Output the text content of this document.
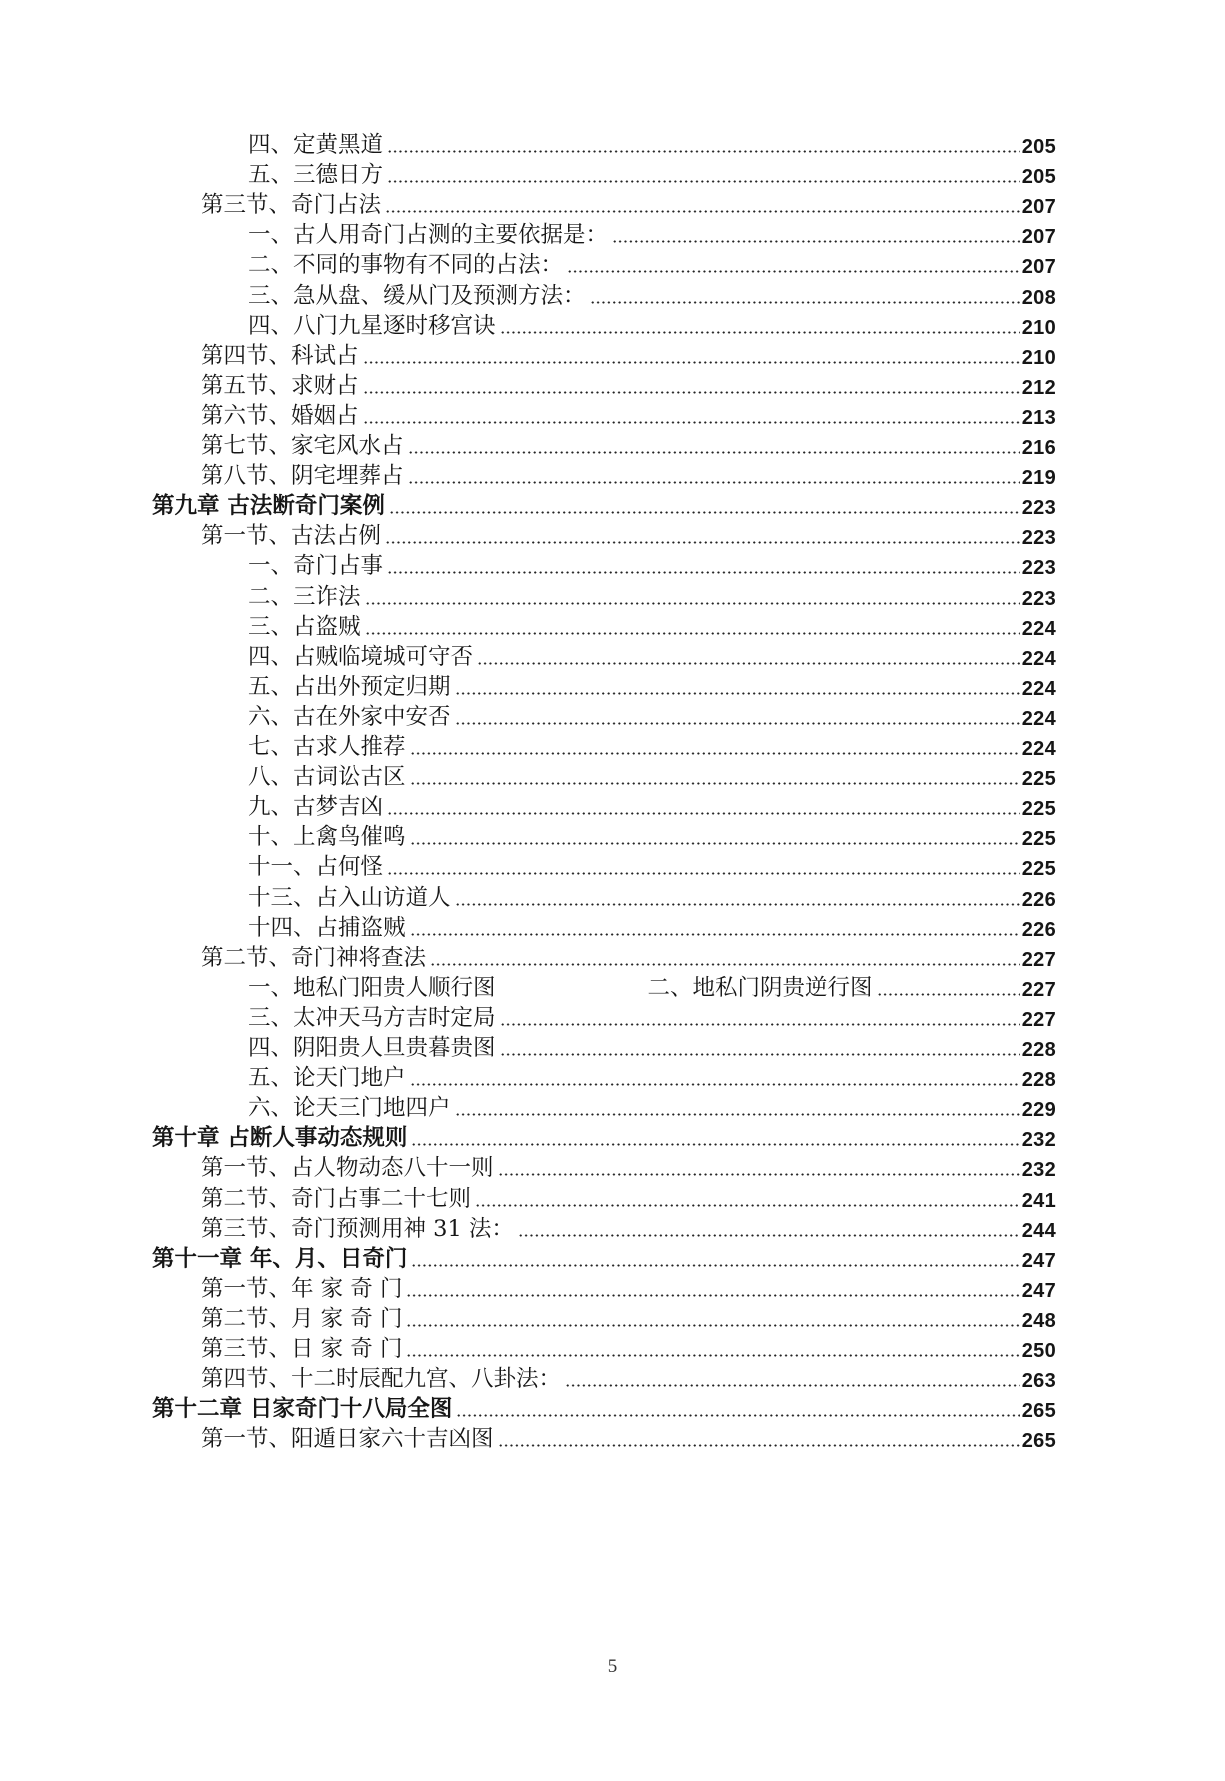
四、定黄黑道	205
五、三德日方	205
第三节、奇门占法	207
一、古人用奇门占测的主要依据是：	207
二、不同的事物有不同的占法：	207
三、急从盘、缓从门及预测方法：	208
四、八门九星逐时移宫诀	210
第四节、科试占	210
第五节、求财占	212
第六节、婚姻占	213
第七节、家宅风水占	216
第八节、阴宅埋葬占	219
第九章 古法断奇门案例	223
第一节、古法占例	223
一、奇门占事	223
二、三诈法	223
三、占盗贼	224
四、占贼临境城可守否	224
五、占出外预定归期	224
六、古在外家中安否	224
七、古求人推荐	224
八、古词讼古区	225
九、古梦吉凶	225
十、上禽鸟催鸣	225
十一、占何怪	225
十三、占入山访道人	226
十四、占捕盗贼	226
第二节、奇门神将查法	227
一、地私门阳贵人顺行图	二、地私门阴贵逆行图	227
三、太冲天马方吉时定局	227
四、阴阳贵人旦贵暮贵图	228
五、论天门地户	228
六、论天三门地四户	229
第十章 占断人事动态规则	232
第一节、占人物动态八十一则	232
第二节、奇门占事二十七则	241
第三节、奇门预测用神 31 法：	244
第十一章 年、月、日奇门	247
第一节、年 家 奇 门	247
第二节、月 家 奇 门	248
第三节、日 家 奇 门	250
第四节、十二时辰配九宫、八卦法：	263
第十二章 日家奇门十八局全图	265
第一节、阳遁日家六十吉凶图	265
5
